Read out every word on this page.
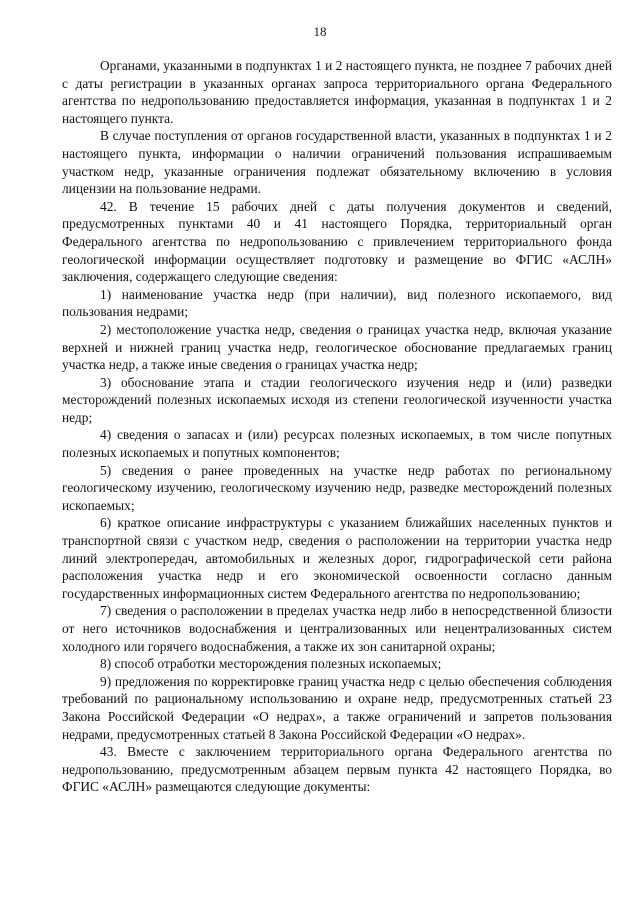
18

Органами, указанными в подпунктах 1 и 2 настоящего пункта, не позднее 7 рабочих дней с даты регистрации в указанных органах запроса территориального органа Федерального агентства по недропользованию предоставляется информация, указанная в подпунктах 1 и 2 настоящего пункта.

В случае поступления от органов государственной власти, указанных в подпунктах 1 и 2 настоящего пункта, информации о наличии ограничений пользования испрашиваемым участком недр, указанные ограничения подлежат обязательному включению в условия лицензии на пользование недрами.

42. В течение 15 рабочих дней с даты получения документов и сведений, предусмотренных пунктами 40 и 41 настоящего Порядка, территориальный орган Федерального агентства по недропользованию с привлечением территориального фонда геологической информации осуществляет подготовку и размещение во ФГИС «АСЛН» заключения, содержащего следующие сведения:

1) наименование участка недр (при наличии), вид полезного ископаемого, вид пользования недрами;

2) местоположение участка недр, сведения о границах участка недр, включая указание верхней и нижней границ участка недр, геологическое обоснование предлагаемых границ участка недр, а также иные сведения о границах участка недр;

3) обоснование этапа и стадии геологического изучения недр и (или) разведки месторождений полезных ископаемых исходя из степени геологической изученности участка недр;

4) сведения о запасах и (или) ресурсах полезных ископаемых, в том числе попутных полезных ископаемых и попутных компонентов;

5) сведения о ранее проведенных на участке недр работах по региональному геологическому изучению, геологическому изучению недр, разведке месторождений полезных ископаемых;

6) краткое описание инфраструктуры с указанием ближайших населенных пунктов и транспортной связи с участком недр, сведения о расположении на территории участка недр линий электропередач, автомобильных и железных дорог, гидрографической сети района расположения участка недр и его экономической освоенности согласно данным государственных информационных систем Федерального агентства по недропользованию;

7) сведения о расположении в пределах участка недр либо в непосредственной близости от него источников водоснабжения и централизованных или нецентрализованных систем холодного или горячего водоснабжения, а также их зон санитарной охраны;

8) способ отработки месторождения полезных ископаемых;

9) предложения по корректировке границ участка недр с целью обеспечения соблюдения требований по рациональному использованию и охране недр, предусмотренных статьей 23 Закона Российской Федерации «О недрах», а также ограничений и запретов пользования недрами, предусмотренных статьей 8 Закона Российской Федерации «О недрах».

43. Вместе с заключением территориального органа Федерального агентства по недропользованию, предусмотренным абзацем первым пункта 42 настоящего Порядка, во ФГИС «АСЛН» размещаются следующие документы:
